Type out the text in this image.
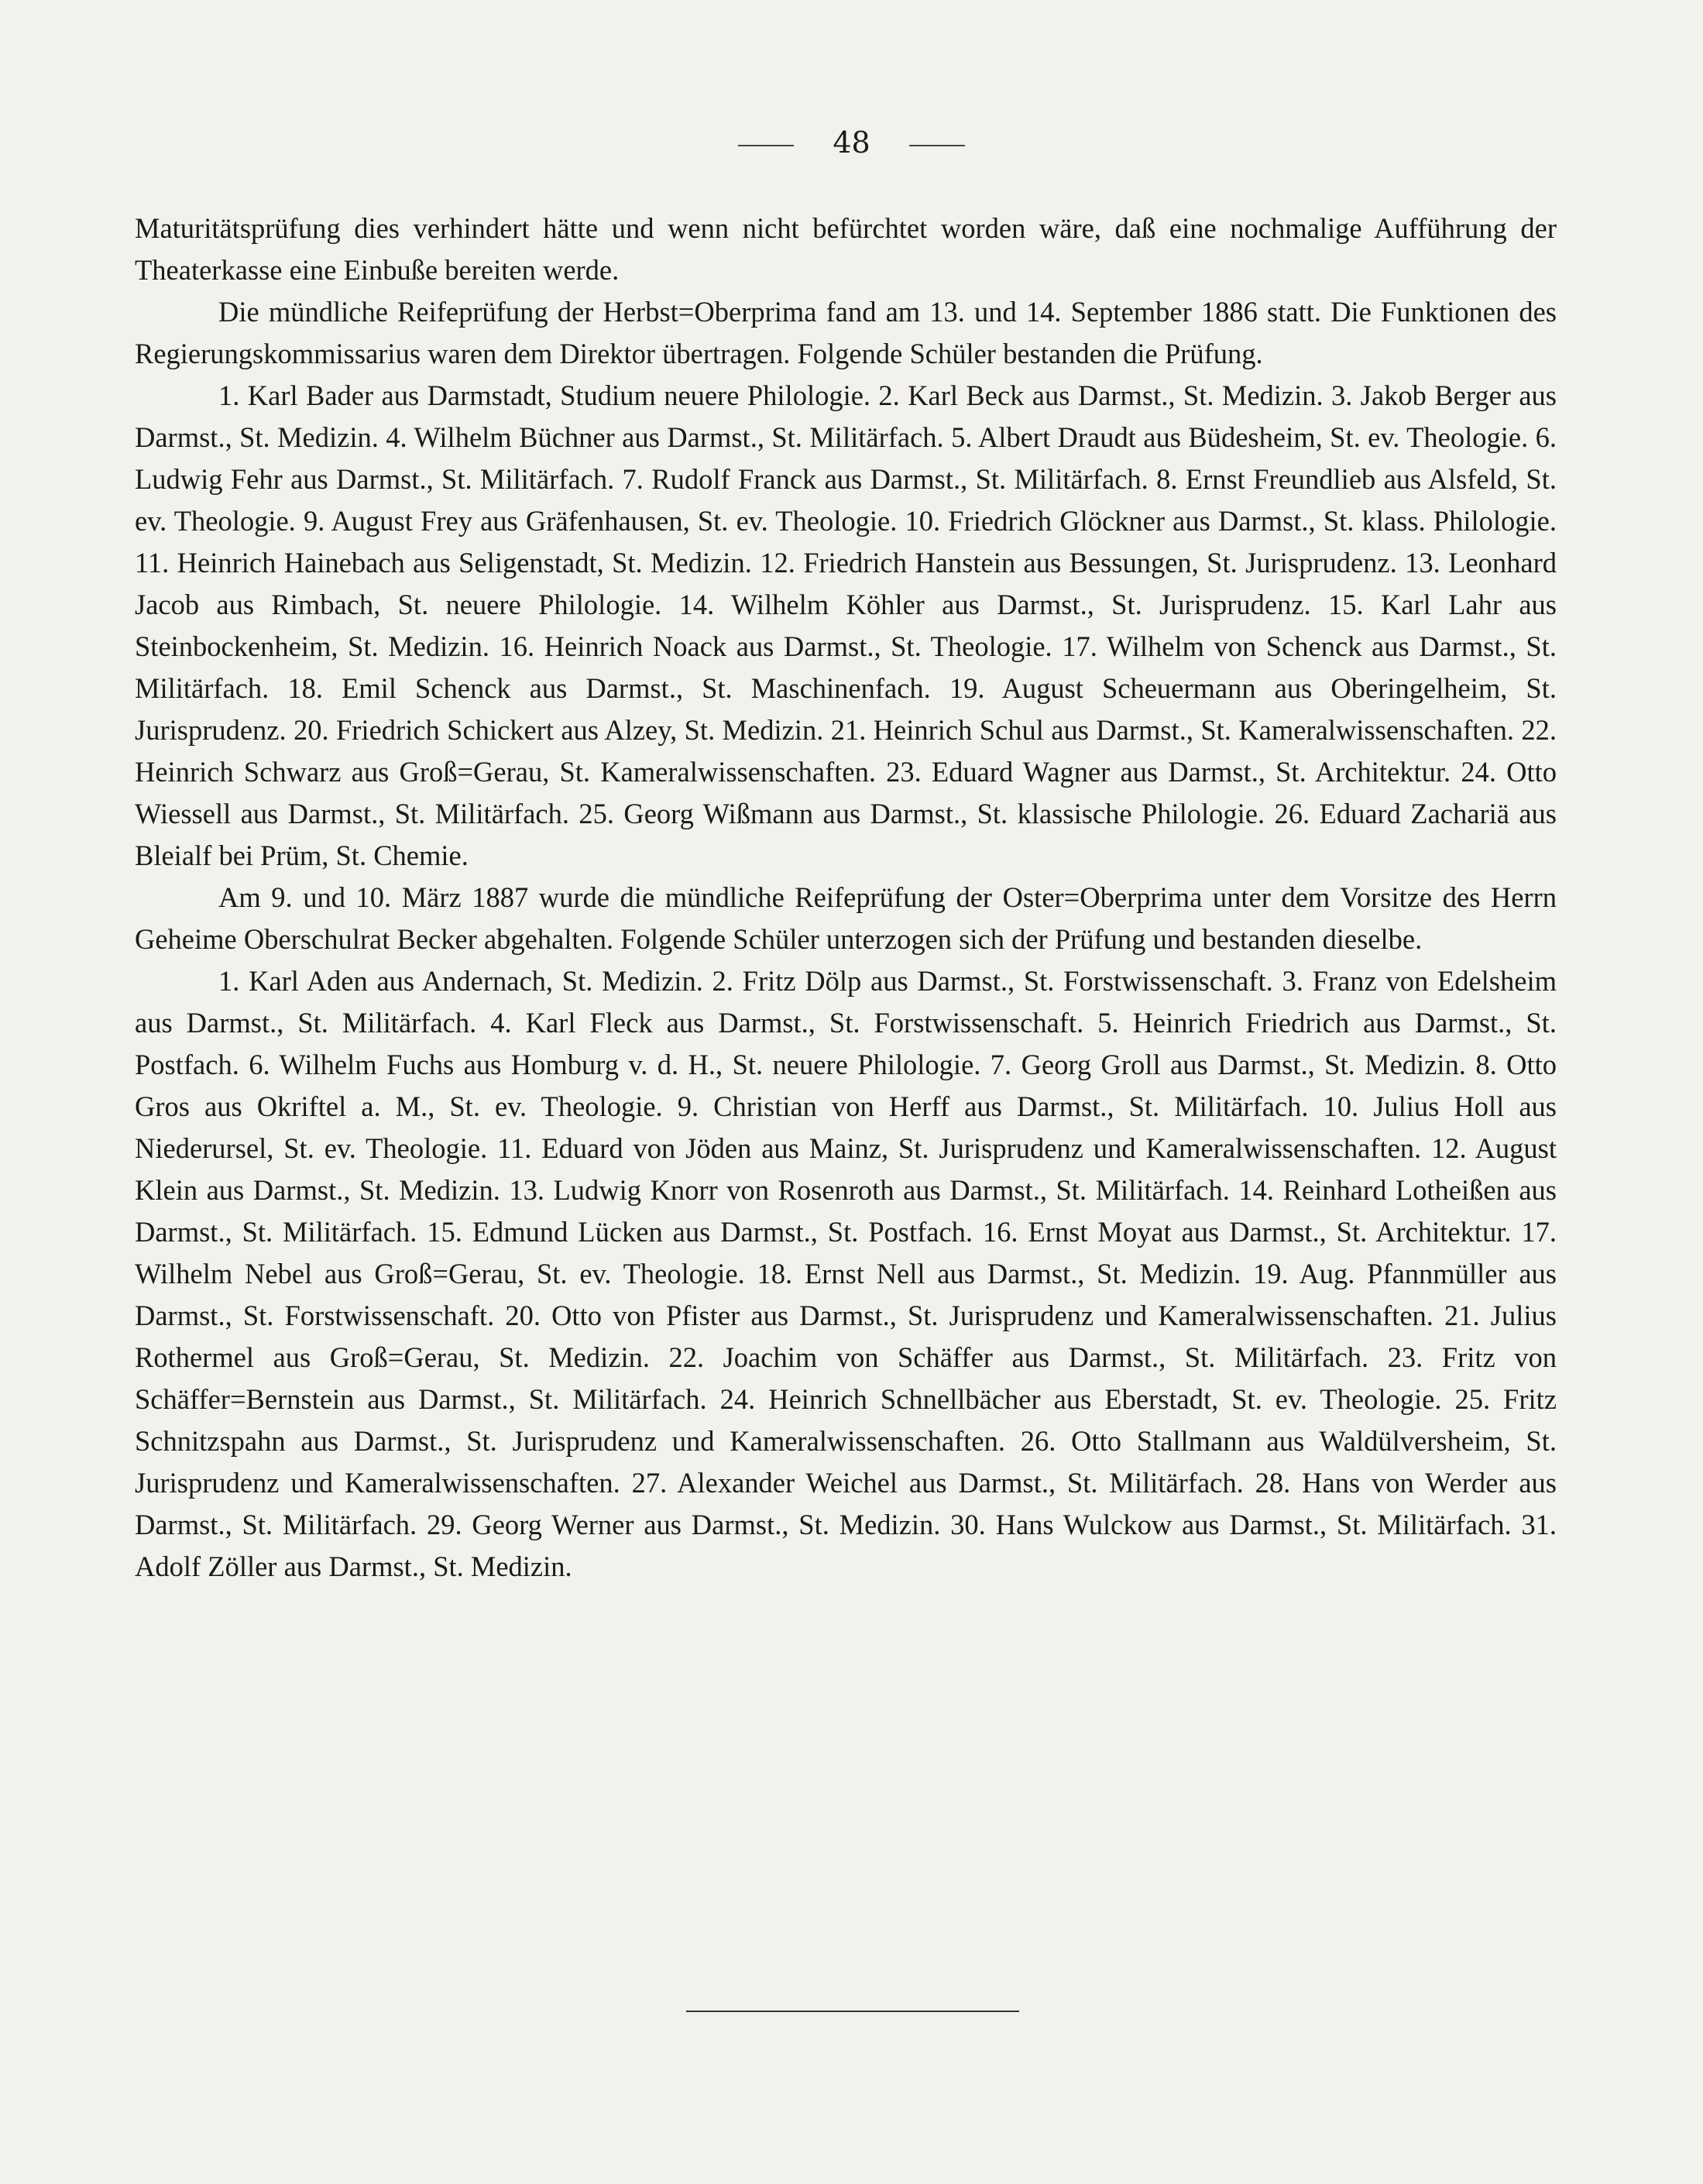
48

Maturitätsprüfung dies verhindert hätte und wenn nicht befürchtet worden wäre, daß eine nochmalige Aufführung der Theaterkasse eine Einbuße bereiten werde.

Die mündliche Reifeprüfung der Herbst=Oberprima fand am 13. und 14. September 1886 statt. Die Funktionen des Regierungskommissarius waren dem Direktor übertragen. Folgende Schüler bestanden die Prüfung.

1. Karl Bader aus Darmstadt, Studium neuere Philologie. 2. Karl Beck aus Darmst., St. Medizin. 3. Jakob Berger aus Darmst., St. Medizin. 4. Wilhelm Büchner aus Darmst., St. Militärfach. 5. Albert Draudt aus Büdesheim, St. ev. Theologie. 6. Ludwig Fehr aus Darmst., St. Militärfach. 7. Rudolf Franck aus Darmst., St. Militärfach. 8. Ernst Freundlieb aus Alsfeld, St. ev. Theologie. 9. August Frey aus Gräfenhausen, St. ev. Theologie. 10. Friedrich Glöckner aus Darmst., St. klass. Philologie. 11. Heinrich Hainebach aus Seligenstadt, St. Medizin. 12. Friedrich Hanstein aus Bessungen, St. Jurisprudenz. 13. Leonhard Jacob aus Rimbach, St. neuere Philologie. 14. Wilhelm Köhler aus Darmst., St. Jurisprudenz. 15. Karl Lahr aus Steinbockenheim, St. Medizin. 16. Heinrich Noack aus Darmst., St. Theologie. 17. Wilhelm von Schenck aus Darmst., St. Militärfach. 18. Emil Schenck aus Darmst., St. Maschinenfach. 19. August Scheuermann aus Oberingelheim, St. Jurisprudenz. 20. Friedrich Schickert aus Alzey, St. Medizin. 21. Heinrich Schul aus Darmst., St. Kameralwissenschaften. 22. Heinrich Schwarz aus Groß=Gerau, St. Kameralwissenschaften. 23. Eduard Wagner aus Darmst., St. Architektur. 24. Otto Wiessell aus Darmst., St. Militärfach. 25. Georg Wißmann aus Darmst., St. klassische Philologie. 26. Eduard Zachariä aus Bleialf bei Prüm, St. Chemie.

Am 9. und 10. März 1887 wurde die mündliche Reifeprüfung der Oster=Oberprima unter dem Vorsitze des Herrn Geheime Oberschulrat Becker abgehalten. Folgende Schüler unterzogen sich der Prüfung und bestanden dieselbe.

1. Karl Aden aus Andernach, St. Medizin. 2. Fritz Dölp aus Darmst., St. Forstwissenschaft. 3. Franz von Edelsheim aus Darmst., St. Militärfach. 4. Karl Fleck aus Darmst., St. Forstwissenschaft. 5. Heinrich Friedrich aus Darmst., St. Postfach. 6. Wilhelm Fuchs aus Homburg v. d. H., St. neuere Philologie. 7. Georg Groll aus Darmst., St. Medizin. 8. Otto Gros aus Okriftel a. M., St. ev. Theologie. 9. Christian von Herff aus Darmst., St. Militärfach. 10. Julius Holl aus Niederursel, St. ev. Theologie. 11. Eduard von Jöden aus Mainz, St. Jurisprudenz und Kameralwissenschaften. 12. August Klein aus Darmst., St. Medizin. 13. Ludwig Knorr von Rosenroth aus Darmst., St. Militärfach. 14. Reinhard Lotheißen aus Darmst., St. Militärfach. 15. Edmund Lücken aus Darmst., St. Postfach. 16. Ernst Moyat aus Darmst., St. Architektur. 17. Wilhelm Nebel aus Groß=Gerau, St. ev. Theologie. 18. Ernst Nell aus Darmst., St. Medizin. 19. Aug. Pfannmüller aus Darmst., St. Forstwissenschaft. 20. Otto von Pfister aus Darmst., St. Jurisprudenz und Kameralwissenschaften. 21. Julius Rothermel aus Groß=Gerau, St. Medizin. 22. Joachim von Schäffer aus Darmst., St. Militärfach. 23. Fritz von Schäffer=Bernstein aus Darmst., St. Militärfach. 24. Heinrich Schnellbächer aus Eberstadt, St. ev. Theologie. 25. Fritz Schnitzspahn aus Darmst., St. Jurisprudenz und Kameralwissenschaften. 26. Otto Stallmann aus Waldülversheim, St. Jurisprudenz und Kameralwissenschaften. 27. Alexander Weichel aus Darmst., St. Militärfach. 28. Hans von Werder aus Darmst., St. Militärfach. 29. Georg Werner aus Darmst., St. Medizin. 30. Hans Wulckow aus Darmst., St. Militärfach. 31. Adolf Zöller aus Darmst., St. Medizin.
